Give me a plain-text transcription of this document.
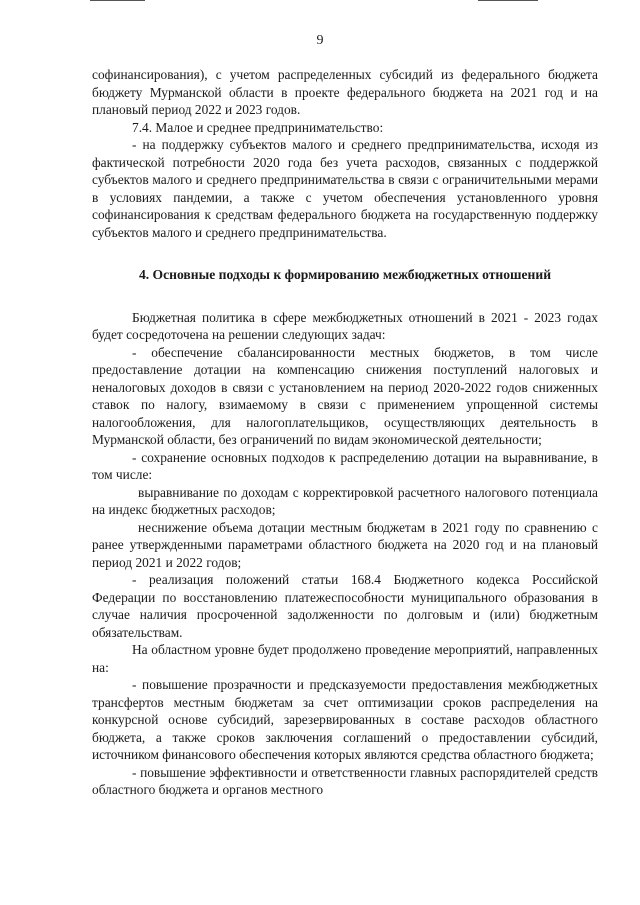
9

софинансирования), с учетом распределенных субсидий из федерального бюджета бюджету Мурманской области в проекте федерального бюджета на 2021 год и на плановый период 2022 и 2023 годов.

7.4. Малое и среднее предпринимательство:

- на поддержку субъектов малого и среднего предпринимательства, исходя из фактической потребности 2020 года без учета расходов, связанных с поддержкой субъектов малого и среднего предпринимательства в связи с ограничительными мерами в условиях пандемии, а также с учетом обеспечения установленного уровня софинансирования к средствам федерального бюджета на государственную поддержку субъектов малого и среднего предпринимательства.

4. Основные подходы к формированию межбюджетных отношений

Бюджетная политика в сфере межбюджетных отношений в 2021 - 2023 годах будет сосредоточена на решении следующих задач:

- обеспечение сбалансированности местных бюджетов, в том числе предоставление дотации на компенсацию снижения поступлений налоговых и неналоговых доходов в связи с установлением на период 2020-2022 годов сниженных ставок по налогу, взимаемому в связи с применением упрощенной системы налогообложения, для налогоплательщиков, осуществляющих деятельность в Мурманской области, без ограничений по видам экономической деятельности;

- сохранение основных подходов к распределению дотации на выравнивание, в том числе:

выравнивание по доходам с корректировкой расчетного налогового потенциала на индекс бюджетных расходов;

неснижение объема дотации местным бюджетам в 2021 году по сравнению с ранее утвержденными параметрами областного бюджета на 2020 год и на плановый период 2021 и 2022 годов;

- реализация положений статьи 168.4 Бюджетного кодекса Российской Федерации по восстановлению платежеспособности муниципального образования в случае наличия просроченной задолженности по долговым и (или) бюджетным обязательствам.

На областном уровне будет продолжено проведение мероприятий, направленных на:

- повышение прозрачности и предсказуемости предоставления межбюджетных трансфертов местным бюджетам за счет оптимизации сроков распределения на конкурсной основе субсидий, зарезервированных в составе расходов областного бюджета, а также сроков заключения соглашений о предоставлении субсидий, источником финансового обеспечения которых являются средства областного бюджета;

- повышение эффективности и ответственности главных распорядителей средств областного бюджета и органов местного
